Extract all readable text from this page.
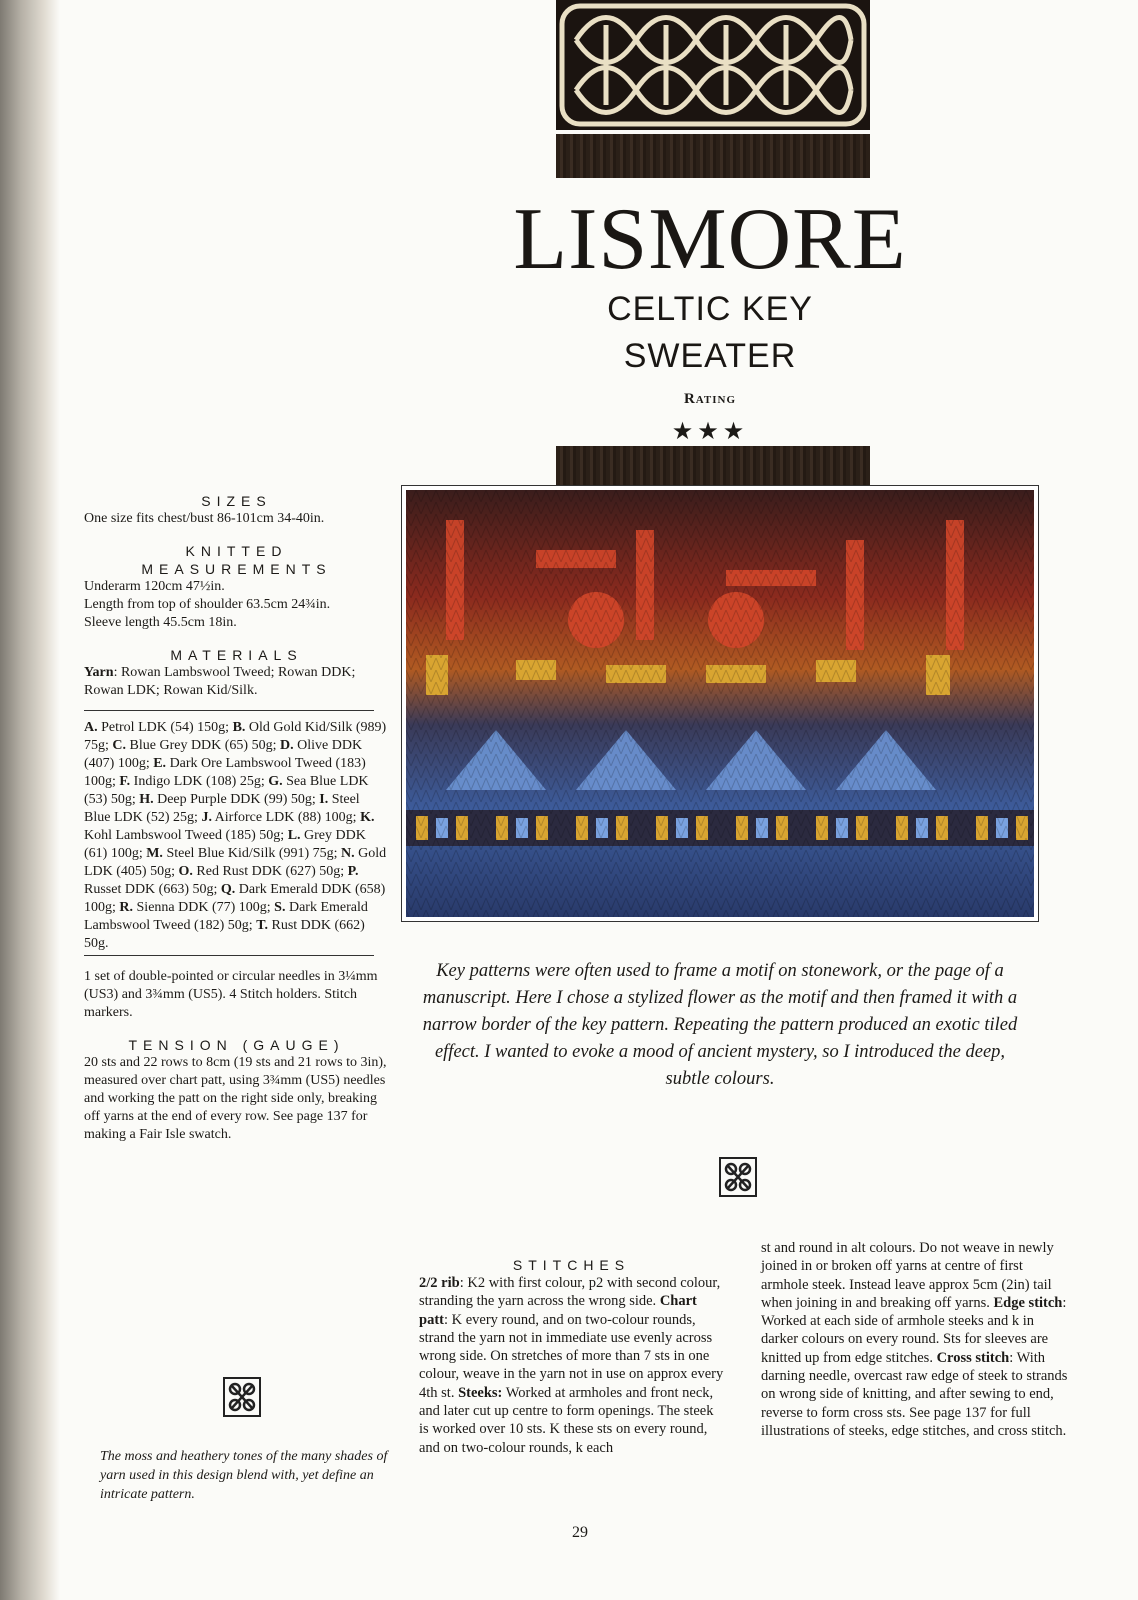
LISMORE
CELTIC KEY
SWEATER
Rating
★★★
Key patterns were often used to frame a motif on stonework, or the page of a manuscript. Here I chose a stylized flower as the motif and then framed it with a narrow border of the key pattern. Repeating the pattern produced an exotic tiled effect. I wanted to evoke a mood of ancient mystery, so I introduced the deep, subtle colours.

SIZES

One size fits chest/bust 86-101cm 34-40in.

KNITTED

MEASUREMENTS

Underarm 120cm 47½in.

Length from top of shoulder 63.5cm 24¾in.

Sleeve length 45.5cm 18in.

MATERIALS

Yarn: Rowan Lambswool Tweed; Rowan DDK; Rowan LDK; Rowan Kid/Silk.

A. Petrol LDK (54) 150g; B. Old Gold Kid/Silk (989) 75g; C. Blue Grey DDK (65) 50g; D. Olive DDK (407) 100g; E. Dark Ore Lambswool Tweed (183) 100g; F. Indigo LDK (108) 25g; G. Sea Blue LDK (53) 50g; H. Deep Purple DDK (99) 50g; I. Steel Blue LDK (52) 25g; J. Airforce LDK (88) 100g; K. Kohl Lambswool Tweed (185) 50g; L. Grey DDK (61) 100g; M. Steel Blue Kid/Silk (991) 75g; N. Gold LDK (405) 50g; O. Red Rust DDK (627) 50g; P. Russet DDK (663) 50g; Q. Dark Emerald DDK (658) 100g; R. Sienna DDK (77) 100g; S. Dark Emerald Lambswool Tweed (182) 50g; T. Rust DDK (662) 50g.

1 set of double-pointed or circular needles in 3¼mm (US3) and 3¾mm (US5). 4 Stitch holders. Stitch markers.

TENSION (GAUGE)

20 sts and 22 rows to 8cm (19 sts and 21 rows to 3in), measured over chart patt, using 3¾mm (US5) needles and working the patt on the right side only, breaking off yarns at the end of every row. See page 137 for making a Fair Isle swatch.

The moss and heathery tones of the many shades of yarn used in this design blend with, yet define an intricate pattern.

STITCHES

2/2 rib: K2 with first colour, p2 with second colour, stranding the yarn across the wrong side. Chart patt: K every round, and on two-colour rounds, strand the yarn not in immediate use evenly across wrong side. On stretches of more than 7 sts in one colour, weave in the yarn not in use on approx every 4th st. Steeks: Worked at armholes and front neck, and later cut up centre to form openings. The steek is worked over 10 sts. K these sts on every round, and on two-colour rounds, k each

st and round in alt colours. Do not weave in newly joined in or broken off yarns at centre of first armhole steek. Instead leave approx 5cm (2in) tail when joining in and breaking off yarns. Edge stitch: Worked at each side of armhole steeks and k in darker colours on every round. Sts for sleeves are knitted up from edge stitches. Cross stitch: With darning needle, overcast raw edge of steek to strands on wrong side of knitting, and after sewing to end, reverse to form cross sts. See page 137 for full illustrations of steeks, edge stitches, and cross stitch.

29
